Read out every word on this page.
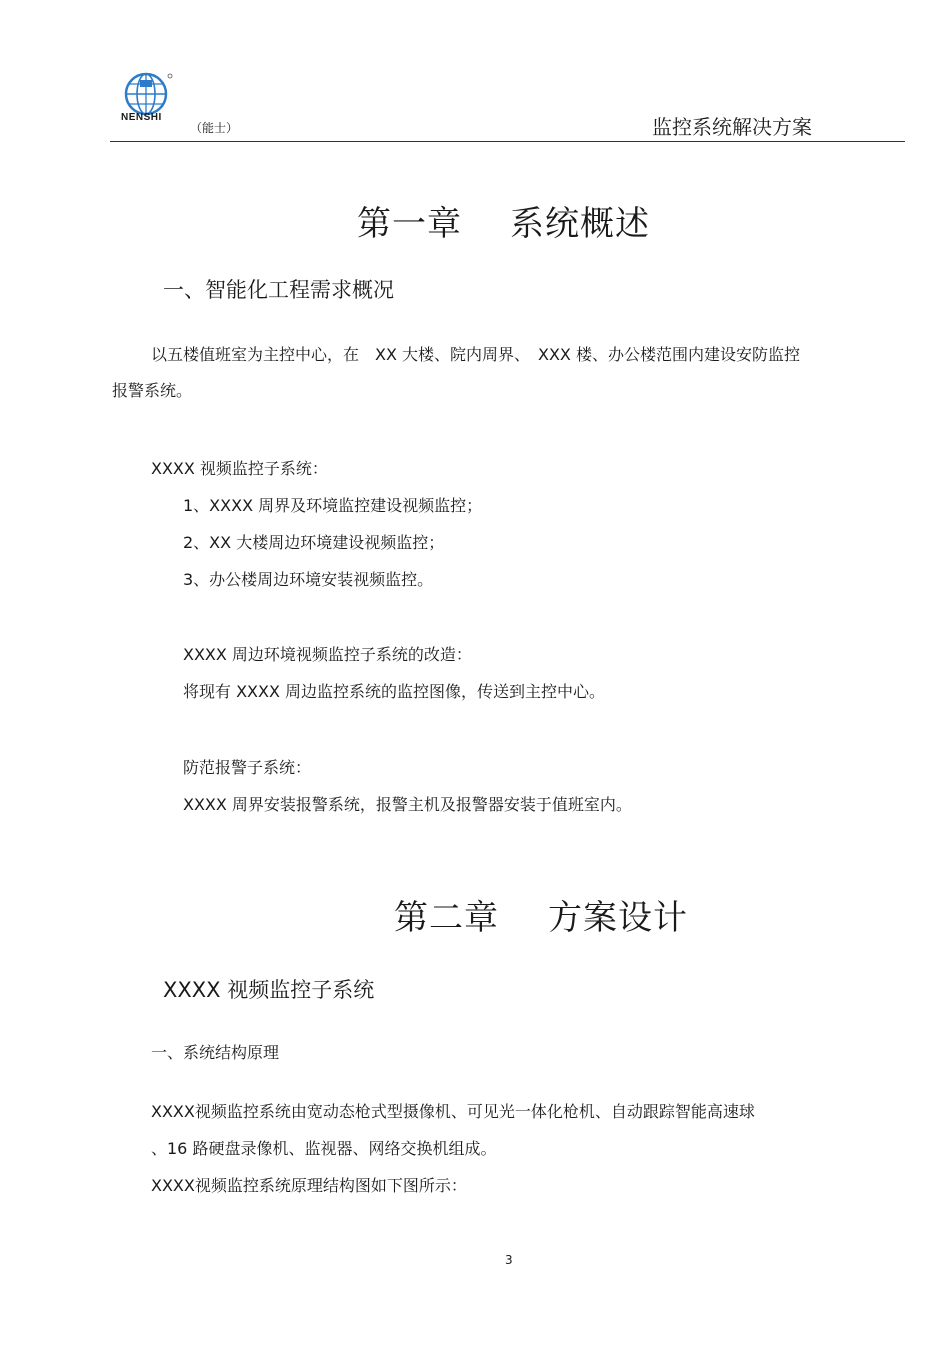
NENSHI
（能士）	监控系统解决方案
第一章 系统概述
一、智能化工程需求概况
以五楼值班室为主控中心，在　XX 大楼、院内周界、　XXX 楼、办公楼范围内建设安防监控
报警系统。
XXXX 视频监控子系统：
1、XXXX 周界及环境监控建设视频监控；
2、XX 大楼周边环境建设视频监控；
3、办公楼周边环境安装视频监控。
XXXX 周边环境视频监控子系统的改造：
将现有 XXXX 周边监控系统的监控图像，传送到主控中心。
防范报警子系统：
XXXX 周界安装报警系统，报警主机及报警器安装于值班室内。
第二章 方案设计
XXXX 视频监控子系统
一、系统结构原理
XXXX视频监控系统由宽动态枪式型摄像机、可见光一体化枪机、自动跟踪智能高速球
、16 路硬盘录像机、监视器、网络交换机组成。
XXXX视频监控系统原理结构图如下图所示：
3
